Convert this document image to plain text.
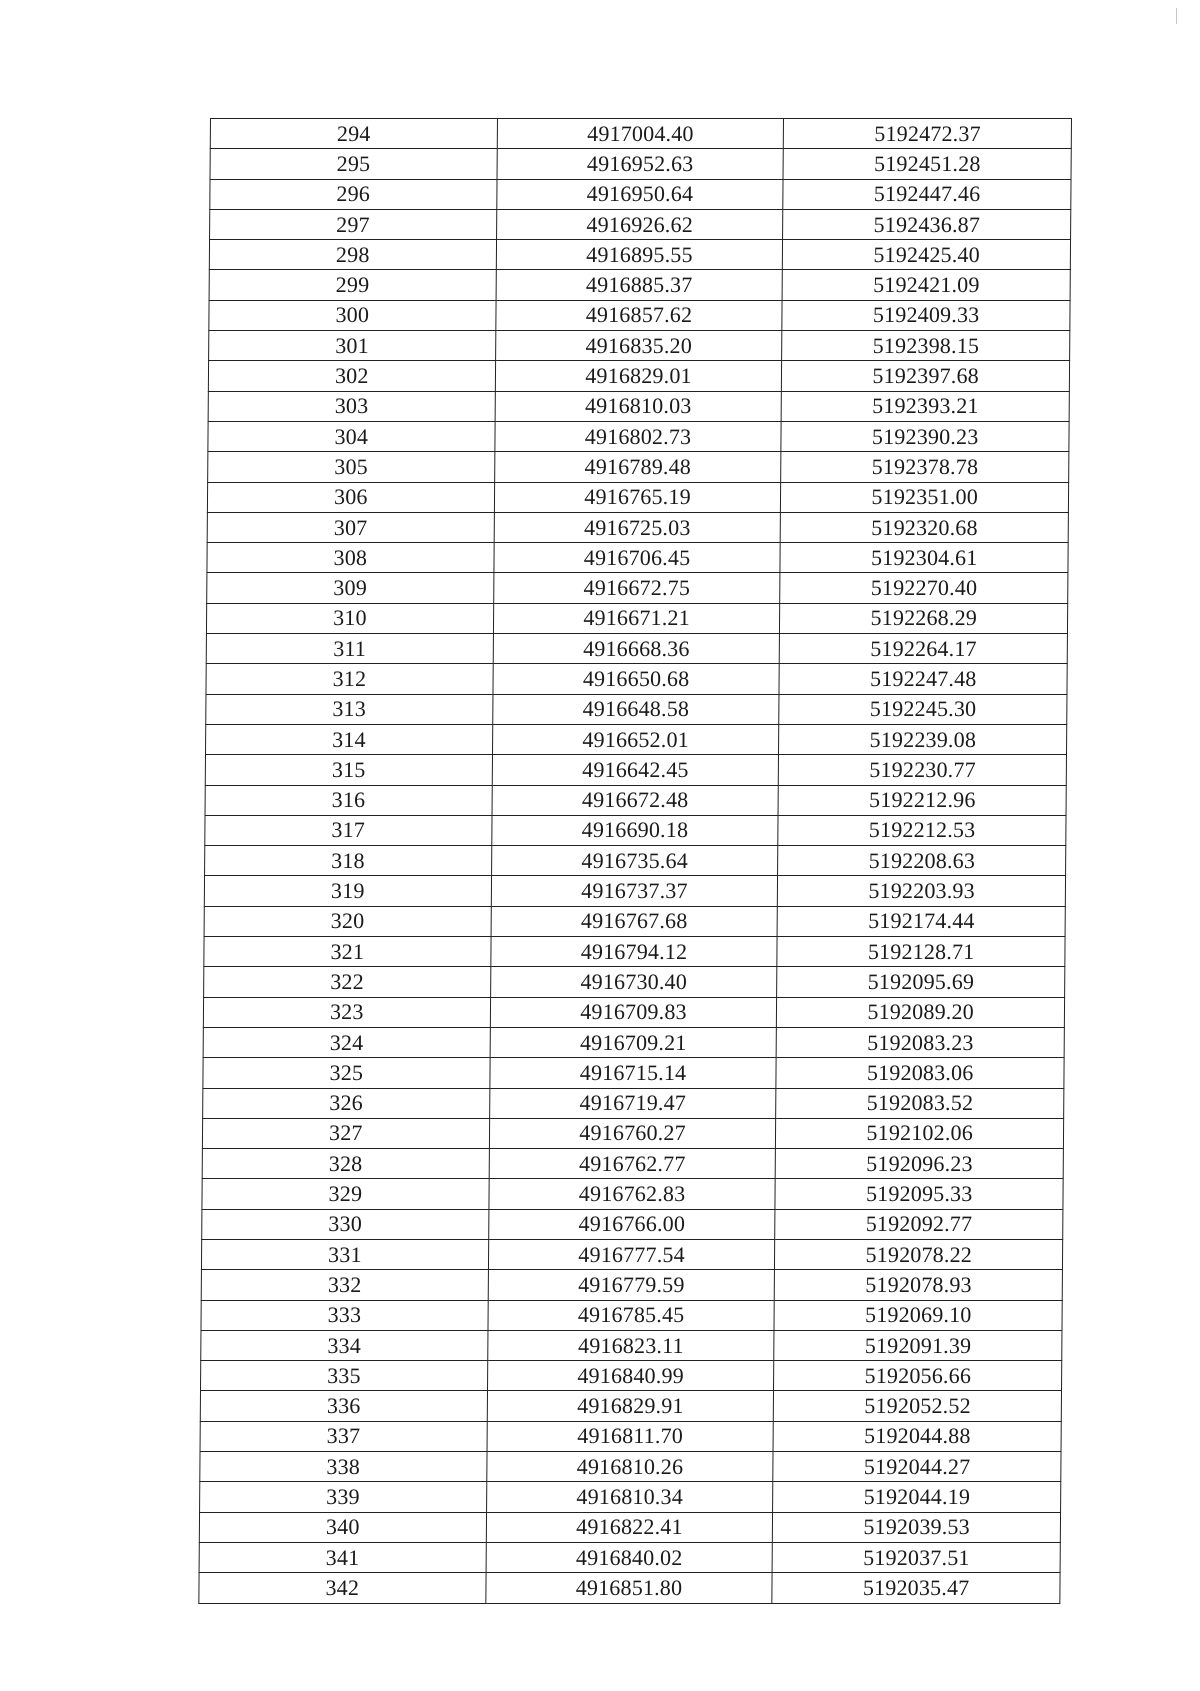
294	4917004.40	5192472.37
295	4916952.63	5192451.28
296	4916950.64	5192447.46
297	4916926.62	5192436.87
298	4916895.55	5192425.40
299	4916885.37	5192421.09
300	4916857.62	5192409.33
301	4916835.20	5192398.15
302	4916829.01	5192397.68
303	4916810.03	5192393.21
304	4916802.73	5192390.23
305	4916789.48	5192378.78
306	4916765.19	5192351.00
307	4916725.03	5192320.68
308	4916706.45	5192304.61
309	4916672.75	5192270.40
310	4916671.21	5192268.29
311	4916668.36	5192264.17
312	4916650.68	5192247.48
313	4916648.58	5192245.30
314	4916652.01	5192239.08
315	4916642.45	5192230.77
316	4916672.48	5192212.96
317	4916690.18	5192212.53
318	4916735.64	5192208.63
319	4916737.37	5192203.93
320	4916767.68	5192174.44
321	4916794.12	5192128.71
322	4916730.40	5192095.69
323	4916709.83	5192089.20
324	4916709.21	5192083.23
325	4916715.14	5192083.06
326	4916719.47	5192083.52
327	4916760.27	5192102.06
328	4916762.77	5192096.23
329	4916762.83	5192095.33
330	4916766.00	5192092.77
331	4916777.54	5192078.22
332	4916779.59	5192078.93
333	4916785.45	5192069.10
334	4916823.11	5192091.39
335	4916840.99	5192056.66
336	4916829.91	5192052.52
337	4916811.70	5192044.88
338	4916810.26	5192044.27
339	4916810.34	5192044.19
340	4916822.41	5192039.53
341	4916840.02	5192037.51
342	4916851.80	5192035.47
